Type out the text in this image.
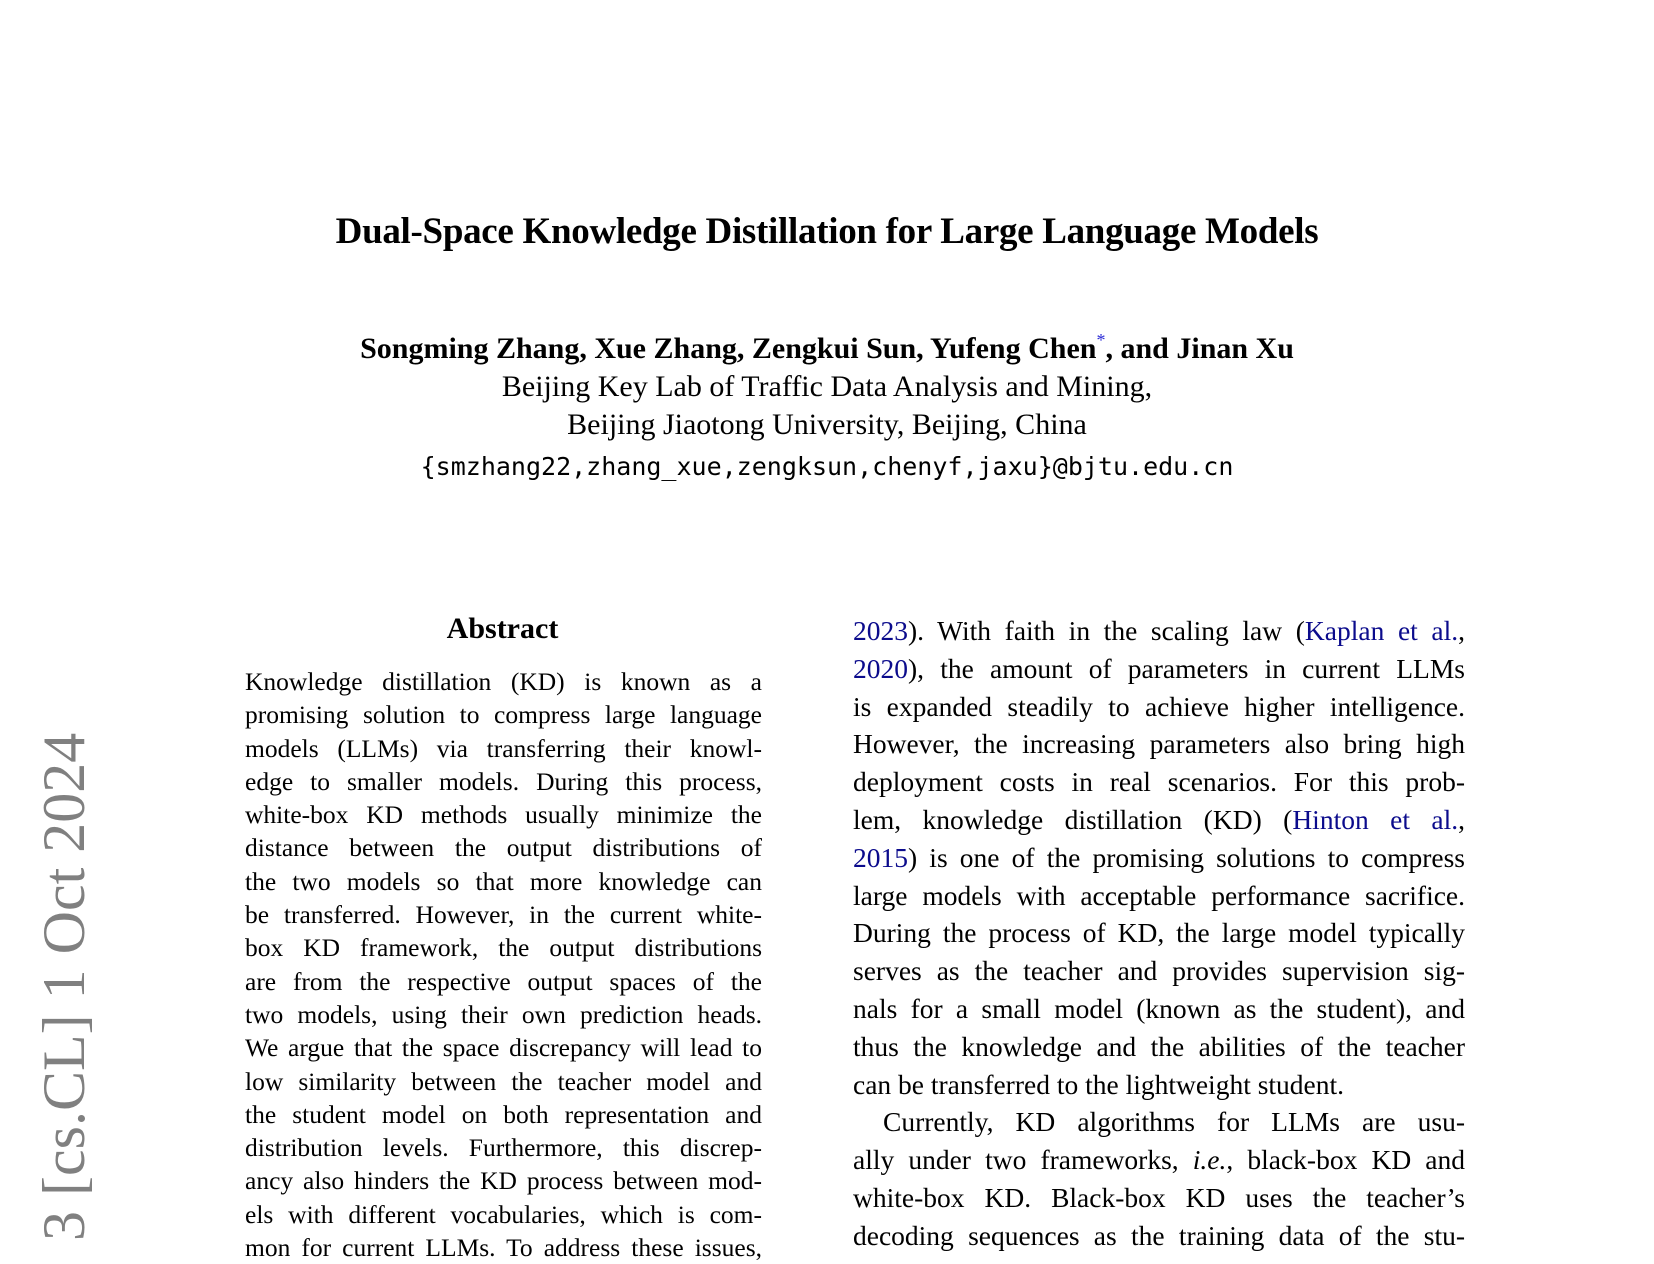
3 [cs.CL] 1 Oct 2024
Dual-Space Knowledge Distillation for Large Language Models
Songming Zhang, Xue Zhang, Zengkui Sun, Yufeng Chen*, and Jinan Xu
Beijing Key Lab of Traffic Data Analysis and Mining,
Beijing Jiaotong University, Beijing, China
{smzhang22,zhang_xue,zengksun,chenyf,jaxu}@bjtu.edu.cn
Abstract
Knowledge distillation (KD) is known as a
promising solution to compress large language
models (LLMs) via transferring their knowl-
edge to smaller models. During this process,
white-box KD methods usually minimize the
distance between the output distributions of
the two models so that more knowledge can
be transferred. However, in the current white-
box KD framework, the output distributions
are from the respective output spaces of the
two models, using their own prediction heads.
We argue that the space discrepancy will lead to
low similarity between the teacher model and
the student model on both representation and
distribution levels. Furthermore, this discrep-
ancy also hinders the KD process between mod-
els with different vocabularies, which is com-
mon for current LLMs. To address these issues,
2023). With faith in the scaling law (Kaplan et al.,
2020), the amount of parameters in current LLMs
is expanded steadily to achieve higher intelligence.
However, the increasing parameters also bring high
deployment costs in real scenarios. For this prob-
lem, knowledge distillation (KD) (Hinton et al.,
2015) is one of the promising solutions to compress
large models with acceptable performance sacrifice.
During the process of KD, the large model typically
serves as the teacher and provides supervision sig-
nals for a small model (known as the student), and
thus the knowledge and the abilities of the teacher
can be transferred to the lightweight student.
Currently, KD algorithms for LLMs are usu-
ally under two frameworks, i.e., black-box KD and
white-box KD. Black-box KD uses the teacher’s
decoding sequences as the training data of the stu-
